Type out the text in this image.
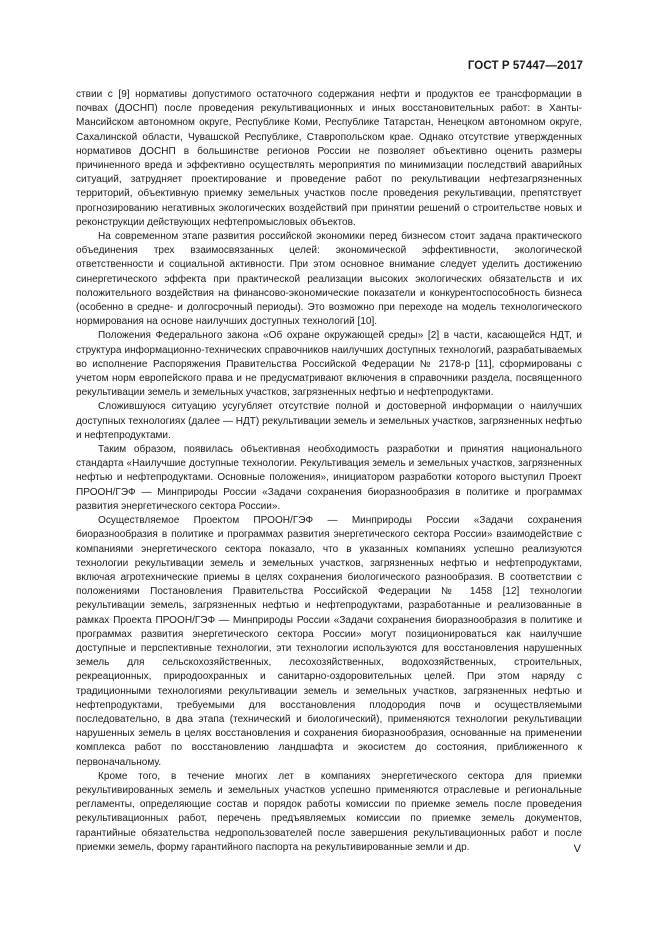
ГОСТ Р 57447—2017

ствии с [9] нормативы допустимого остаточного содержания нефти и продуктов ее трансформации в почвах (ДОСНП) после проведения рекультивационных и иных восстановительных работ: в Ханты-Мансийском автономном округе, Республике Коми, Республике Татарстан, Ненецком автономном округе, Сахалинской области, Чувашской Республике, Ставропольском крае. Однако отсутствие утвержденных нормативов ДОСНП в большинстве регионов России не позволяет объективно оценить размеры причиненного вреда и эффективно осуществлять мероприятия по минимизации последствий аварийных ситуаций, затрудняет проектирование и проведение работ по рекультивации нефтезагрязненных территорий, объективную приемку земельных участков после проведения рекультивации, препятствует прогнозированию негативных экологических воздействий при принятии решений о строительстве новых и реконструкции действующих нефтепромысловых объектов.

На современном этапе развития российской экономики перед бизнесом стоит задача практического объединения трех взаимосвязанных целей: экономической эффективности, экологической ответственности и социальной активности. При этом основное внимание следует уделить достижению синергетического эффекта при практической реализации высоких экологических обязательств и их положительного воздействия на финансово-экономические показатели и конкурентоспособность бизнеса (особенно в средне- и долгосрочный периоды). Это возможно при переходе на модель технологического нормирования на основе наилучших доступных технологий [10].

Положения Федерального закона «Об охране окружающей среды» [2] в части, касающейся НДТ, и структура информационно-технических справочников наилучших доступных технологий, разрабатываемых во исполнение Распоряжения Правительства Российской Федерации № 2178-р [11], сформированы с учетом норм европейского права и не предусматривают включения в справочники раздела, посвященного рекультивации земель и земельных участков, загрязненных нефтью и нефтепродуктами.

Сложившуюся ситуацию усугубляет отсутствие полной и достоверной информации о наилучших доступных технологиях (далее — НДТ) рекультивации земель и земельных участков, загрязненных нефтью и нефтепродуктами.

Таким образом, появилась объективная необходимость разработки и принятия национального стандарта «Наилучшие доступные технологии. Рекультивация земель и земельных участков, загрязненных нефтью и нефтепродуктами. Основные положения», инициатором разработки которого выступил Проект ПРООН/ГЭФ — Минприроды России «Задачи сохранения биоразнообразия в политике и программах развития энергетического сектора России».

Осуществляемое Проектом ПРООН/ГЭФ — Минприроды России «Задачи сохранения биоразнообразия в политике и программах развития энергетического сектора России» взаимодействие с компаниями энергетического сектора показало, что в указанных компаниях успешно реализуются технологии рекультивации земель и земельных участков, загрязненных нефтью и нефтепродуктами, включая агротехнические приемы в целях сохранения биологического разнообразия. В соответствии с положениями Постановления Правительства Российской Федерации № 1458 [12] технологии рекультивации земель, загрязненных нефтью и нефтепродуктами, разработанные и реализованные в рамках Проекта ПРООН/ГЭФ — Минприроды России «Задачи сохранения биоразнообразия в политике и программах развития энергетического сектора России» могут позиционироваться как наилучшие доступные и перспективные технологии, эти технологии используются для восстановления нарушенных земель для сельскохозяйственных, лесохозяйственных, водохозяйственных, строительных, рекреационных, природоохранных и санитарно-оздоровительных целей. При этом наряду с традиционными технологиями рекультивации земель и земельных участков, загрязненных нефтью и нефтепродуктами, требуемыми для восстановления плодородия почв и осуществляемыми последовательно, в два этапа (технический и биологический), применяются технологии рекультивации нарушенных земель в целях восстановления и сохранения биоразнообразия, основанные на применении комплекса работ по восстановлению ландшафта и экосистем до состояния, приближенного к первоначальному.

Кроме того, в течение многих лет в компаниях энергетического сектора для приемки рекультивированных земель и земельных участков успешно применяются отраслевые и региональные регламенты, определяющие состав и порядок работы комиссии по приемке земель после проведения рекультивационных работ, перечень предъявляемых комиссии по приемке земель документов, гарантийные обязательства недропользователей после завершения рекультивационных работ и после приемки земель, форму гарантийного паспорта на рекультивированные земли и др.	V
